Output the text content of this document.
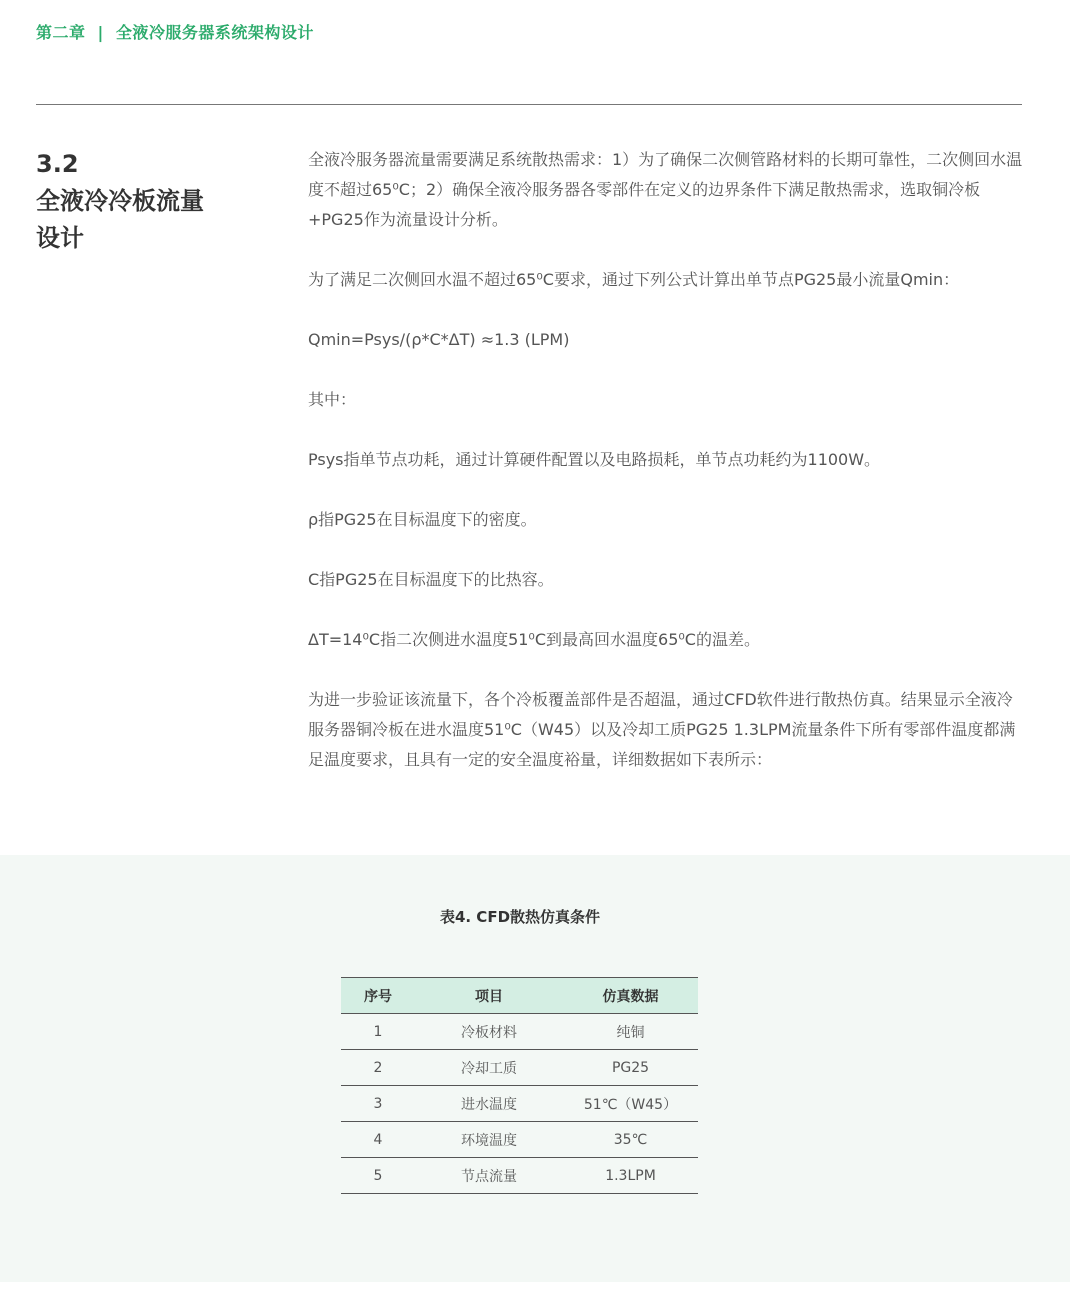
第二章 | 全液冷服务器系统架构设计
3.2
全液冷冷板流量
设计

全液冷服务器流量需要满足系统散热需求：1）为了确保二次侧管路材料的长期可靠性，二次侧回水温度不超过65⁰C；2）确保全液冷服务器各零部件在定义的边界条件下满足散热需求，选取铜冷板+PG25作为流量设计分析。

为了满足二次侧回水温不超过65⁰C要求，通过下列公式计算出单节点PG25最小流量Qmin：

Qmin=Psys/(ρ*C*ΔT) ≈1.3 (LPM)

其中：

Psys指单节点功耗，通过计算硬件配置以及电路损耗，单节点功耗约为1100W。

ρ指PG25在目标温度下的密度。

C指PG25在目标温度下的比热容。

ΔT=14⁰C指二次侧进水温度51⁰C到最高回水温度65⁰C的温差。

为进一步验证该流量下，各个冷板覆盖部件是否超温，通过CFD软件进行散热仿真。结果显示全液冷服务器铜冷板在进水温度51⁰C（W45）以及冷却工质PG25 1.3LPM流量条件下所有零部件温度都满足温度要求，且具有一定的安全温度裕量，详细数据如下表所示：

表4. CFD散热仿真条件
序号	项目	仿真数据
1	冷板材料	纯铜
2	冷却工质	PG25
3	进水温度	51℃（W45）
4	环境温度	35℃
5	节点流量	1.3LPM
